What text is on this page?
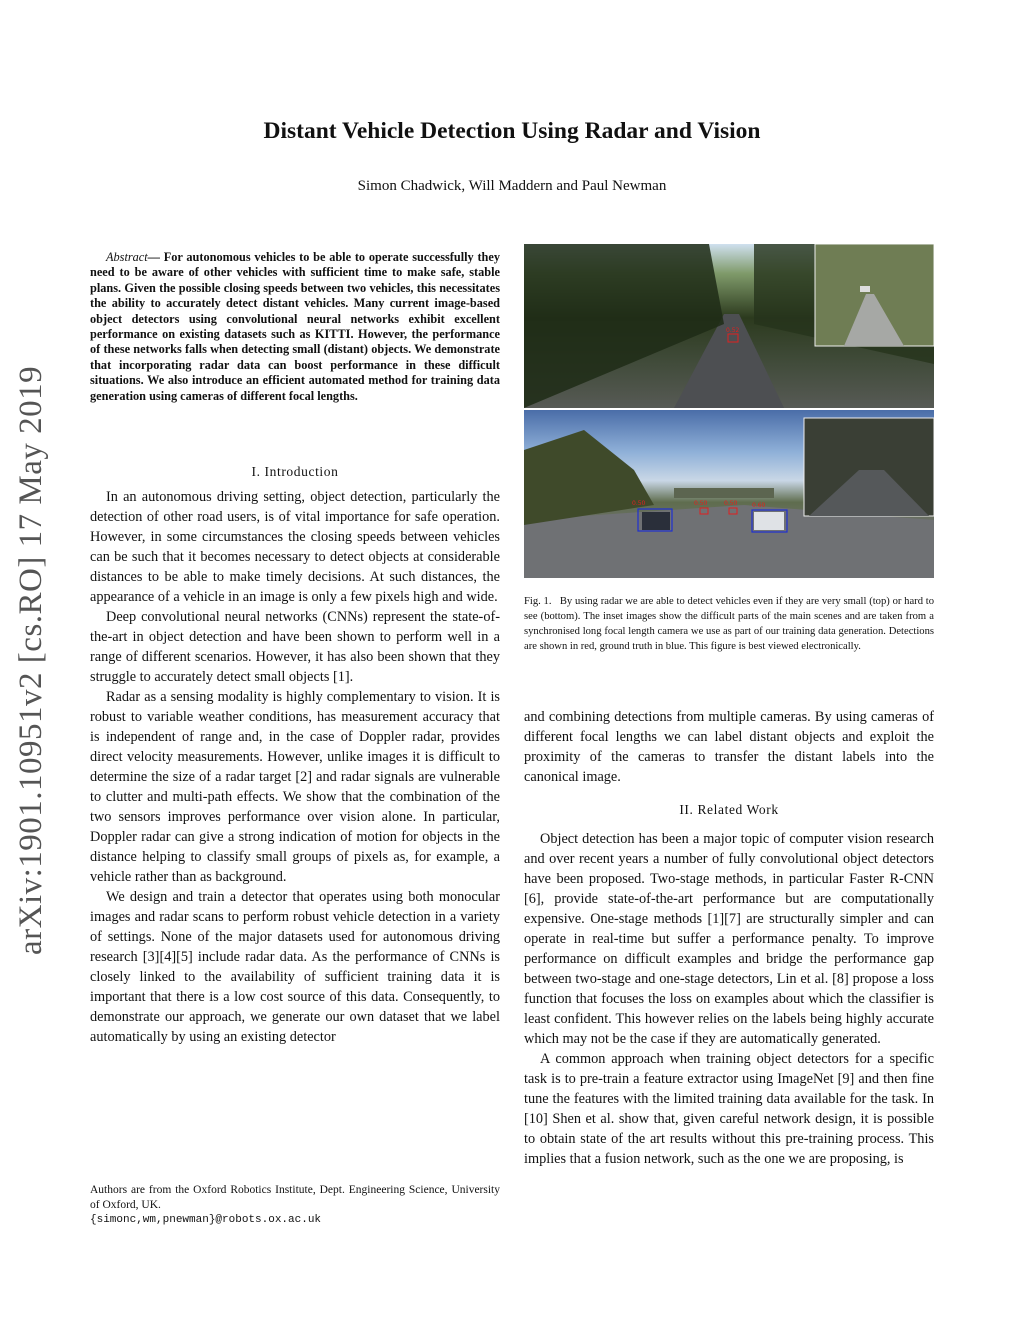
Distant Vehicle Detection Using Radar and Vision
Simon Chadwick, Will Maddern and Paul Newman
arXiv:1901.10951v2 [cs.RO] 17 May 2019
Abstract— For autonomous vehicles to be able to operate successfully they need to be aware of other vehicles with sufficient time to make safe, stable plans. Given the possible closing speeds between two vehicles, this necessitates the ability to accurately detect distant vehicles. Many current image-based object detectors using convolutional neural networks exhibit excellent performance on existing datasets such as KITTI. However, the performance of these networks falls when detecting small (distant) objects. We demonstrate that incorporating radar data can boost performance in these difficult situations. We also introduce an efficient automated method for training data generation using cameras of different focal lengths.
I. Introduction

In an autonomous driving setting, object detection, particularly the detection of other road users, is of vital importance for safe operation. However, in some circumstances the closing speeds between vehicles can be such that it becomes necessary to detect objects at considerable distances to be able to make timely decisions. At such distances, the appearance of a vehicle in an image is only a few pixels high and wide.

Deep convolutional neural networks (CNNs) represent the state-of-the-art in object detection and have been shown to perform well in a range of different scenarios. However, it has also been shown that they struggle to accurately detect small objects [1].

Radar as a sensing modality is highly complementary to vision. It is robust to variable weather conditions, has measurement accuracy that is independent of range and, in the case of Doppler radar, provides direct velocity measurements. However, unlike images it is difficult to determine the size of a radar target [2] and radar signals are vulnerable to clutter and multi-path effects. We show that the combination of the two sensors improves performance over vision alone. In particular, Doppler radar can give a strong indication of motion for objects in the distance helping to classify small groups of pixels as, for example, a vehicle rather than as background.

We design and train a detector that operates using both monocular images and radar scans to perform robust vehicle detection in a variety of settings. None of the major datasets used for autonomous driving research [3][4][5] include radar data. As the performance of CNNs is closely linked to the availability of sufficient training data it is important that there is a low cost source of this data. Consequently, to demonstrate our approach, we generate our own dataset that we label automatically by using an existing detector

Authors are from the Oxford Robotics Institute, Dept. Engineering Science, University of Oxford, UK.
{simonc,wm,pnewman}@robots.ox.ac.uk
0.52
0.50	0.50	0.50 0.60
Fig. 1. By using radar we are able to detect vehicles even if they are very small (top) or hard to see (bottom). The inset images show the difficult parts of the main scenes and are taken from a synchronised long focal length camera we use as part of our training data generation. Detections are shown in red, ground truth in blue. This figure is best viewed electronically.

and combining detections from multiple cameras. By using cameras of different focal lengths we can label distant objects and exploit the proximity of the cameras to transfer the distant labels into the canonical image.

II. Related Work

Object detection has been a major topic of computer vision research and over recent years a number of fully convolutional object detectors have been proposed. Two-stage methods, in particular Faster R-CNN [6], provide state-of-the-art performance but are computationally expensive. One-stage methods [1][7] are structurally simpler and can operate in real-time but suffer a performance penalty. To improve performance on difficult examples and bridge the performance gap between two-stage and one-stage detectors, Lin et al. [8] propose a loss function that focuses the loss on examples about which the classifier is least confident. This however relies on the labels being highly accurate which may not be the case if they are automatically generated.

A common approach when training object detectors for a specific task is to pre-train a feature extractor using ImageNet [9] and then fine tune the features with the limited training data available for the task. In [10] Shen et al. show that, given careful network design, it is possible to obtain state of the art results without this pre-training process. This implies that a fusion network, such as the one we are proposing, is
